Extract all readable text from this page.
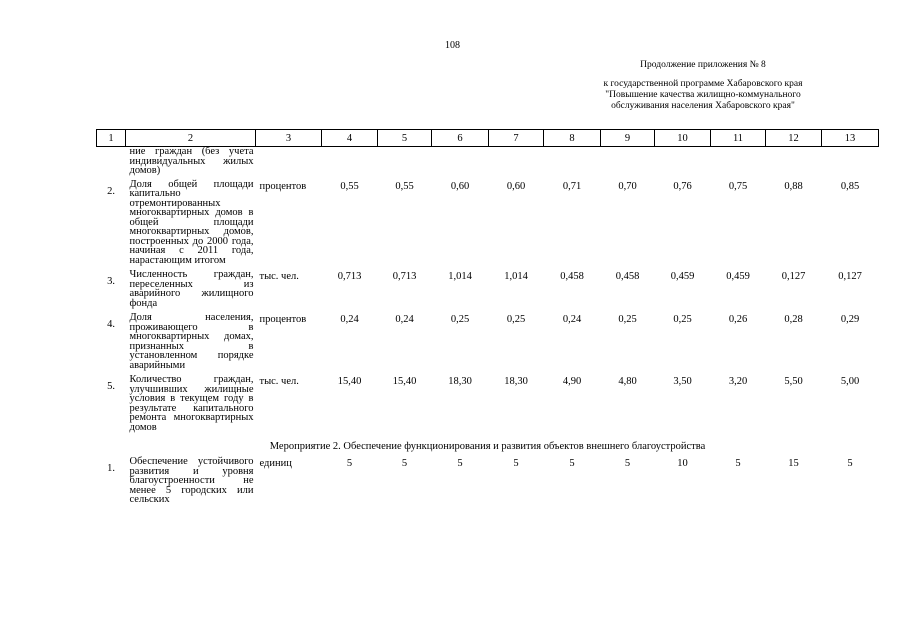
108
Продолжение приложения № 8
к государственной программе Хабаровского края
"Повышение качества жилищно-коммунального
обслуживания населения Хабаровского края"
1	2	3	4	5	6	7	8	9	10	11	12	13
	ние граждан (без учета индивидуальных жилых домов)											
2.	Доля общей площади капитально отремонтированных многоквартирных домов в общей площади многоквартирных домов, построенных до 2000 года, начиная с 2011 года, нарастающим итогом	процентов	0,55	0,55	0,60	0,60	0,71	0,70	0,76	0,75	0,88	0,85
3.	Численность граждан, переселенных из аварийного жилищного фонда	тыс. чел.	0,713	0,713	1,014	1,014	0,458	0,458	0,459	0,459	0,127	0,127
4.	Доля населения, проживающего в многоквартирных домах, признанных в установленном порядке аварийными	процентов	0,24	0,24	0,25	0,25	0,24	0,25	0,25	0,26	0,28	0,29
5.	Количество граждан, улучшивших жилищные условия в текущем году в результате капитального ремонта многоквартирных домов	тыс. чел.	15,40	15,40	18,30	18,30	4,90	4,80	3,50	3,20	5,50	5,00
Мероприятие 2. Обеспечение функционирования и развития объектов внешнего благоустройства												
1.	Обеспечение устойчивого развития и уровня благоустроенности не менее 5 городских или сельских	единиц	5	5	5	5	5	5	10	5	15	5
